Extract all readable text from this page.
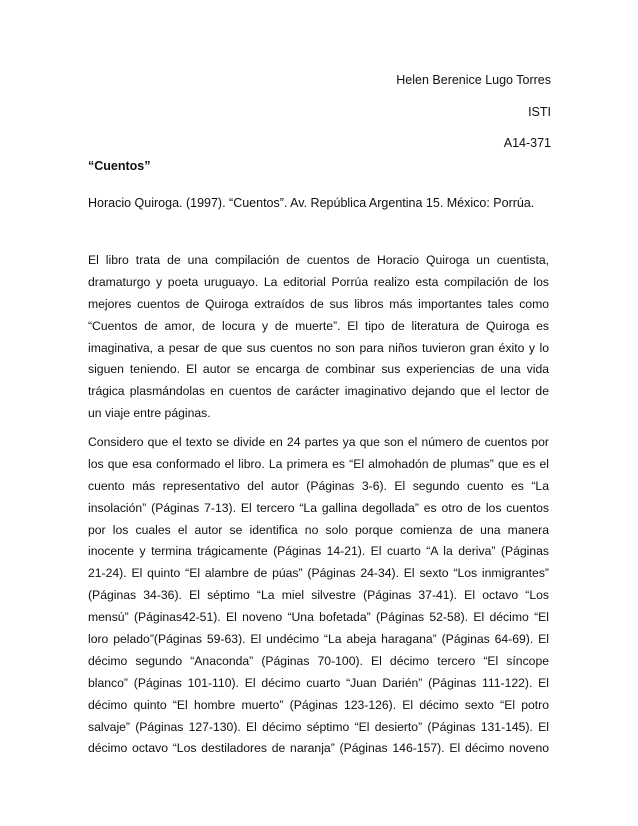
Helen Berenice Lugo Torres
ISTI
A14-371
“Cuentos”
Horacio Quiroga. (1997). “Cuentos”. Av. República Argentina 15. México: Porrúa.
El libro trata de una compilación de cuentos de Horacio Quiroga un cuentista,
dramaturgo y poeta uruguayo. La editorial Porrúa realizo esta compilación de los
mejores cuentos de Quiroga extraídos de sus libros más importantes tales como
“Cuentos de amor, de locura y de muerte”. El tipo de literatura de Quiroga es
imaginativa, a pesar de que sus cuentos no son para niños tuvieron gran éxito y lo
siguen teniendo. El autor se encarga de combinar sus experiencias de una vida
trágica plasmándolas en cuentos de carácter imaginativo dejando que el lector de
un viaje entre páginas.
Considero que el texto se divide en 24 partes ya que son el número de cuentos por
los que esa conformado el libro. La primera es “El almohadón de plumas” que es el
cuento más representativo del autor (Páginas 3-6). El segundo cuento es “La
insolación” (Páginas 7-13). El tercero “La gallina degollada” es otro de los cuentos
por los cuales el autor se identifica no solo porque comienza de una manera
inocente y termina trágicamente (Páginas 14-21). El cuarto “A la deriva” (Páginas
21-24). El quinto “El alambre de púas” (Páginas 24-34). El sexto “Los inmigrantes”
(Páginas 34-36). El séptimo “La miel silvestre (Páginas 37-41). El octavo “Los
mensú” (Páginas42-51). El noveno “Una bofetada” (Páginas 52-58). El décimo “El
loro pelado”(Páginas 59-63). El undécimo “La abeja haragana” (Páginas 64-69). El
décimo segundo “Anaconda” (Páginas 70-100). El décimo tercero “El síncope
blanco” (Páginas 101-110). El décimo cuarto “Juan Darién” (Páginas 111-122). El
décimo quinto “El hombre muerto” (Páginas 123-126). El décimo sexto “El potro
salvaje” (Páginas 127-130). El décimo séptimo “El desierto” (Páginas 131-145). El
décimo octavo “Los destiladores de naranja” (Páginas 146-157). El décimo noveno
